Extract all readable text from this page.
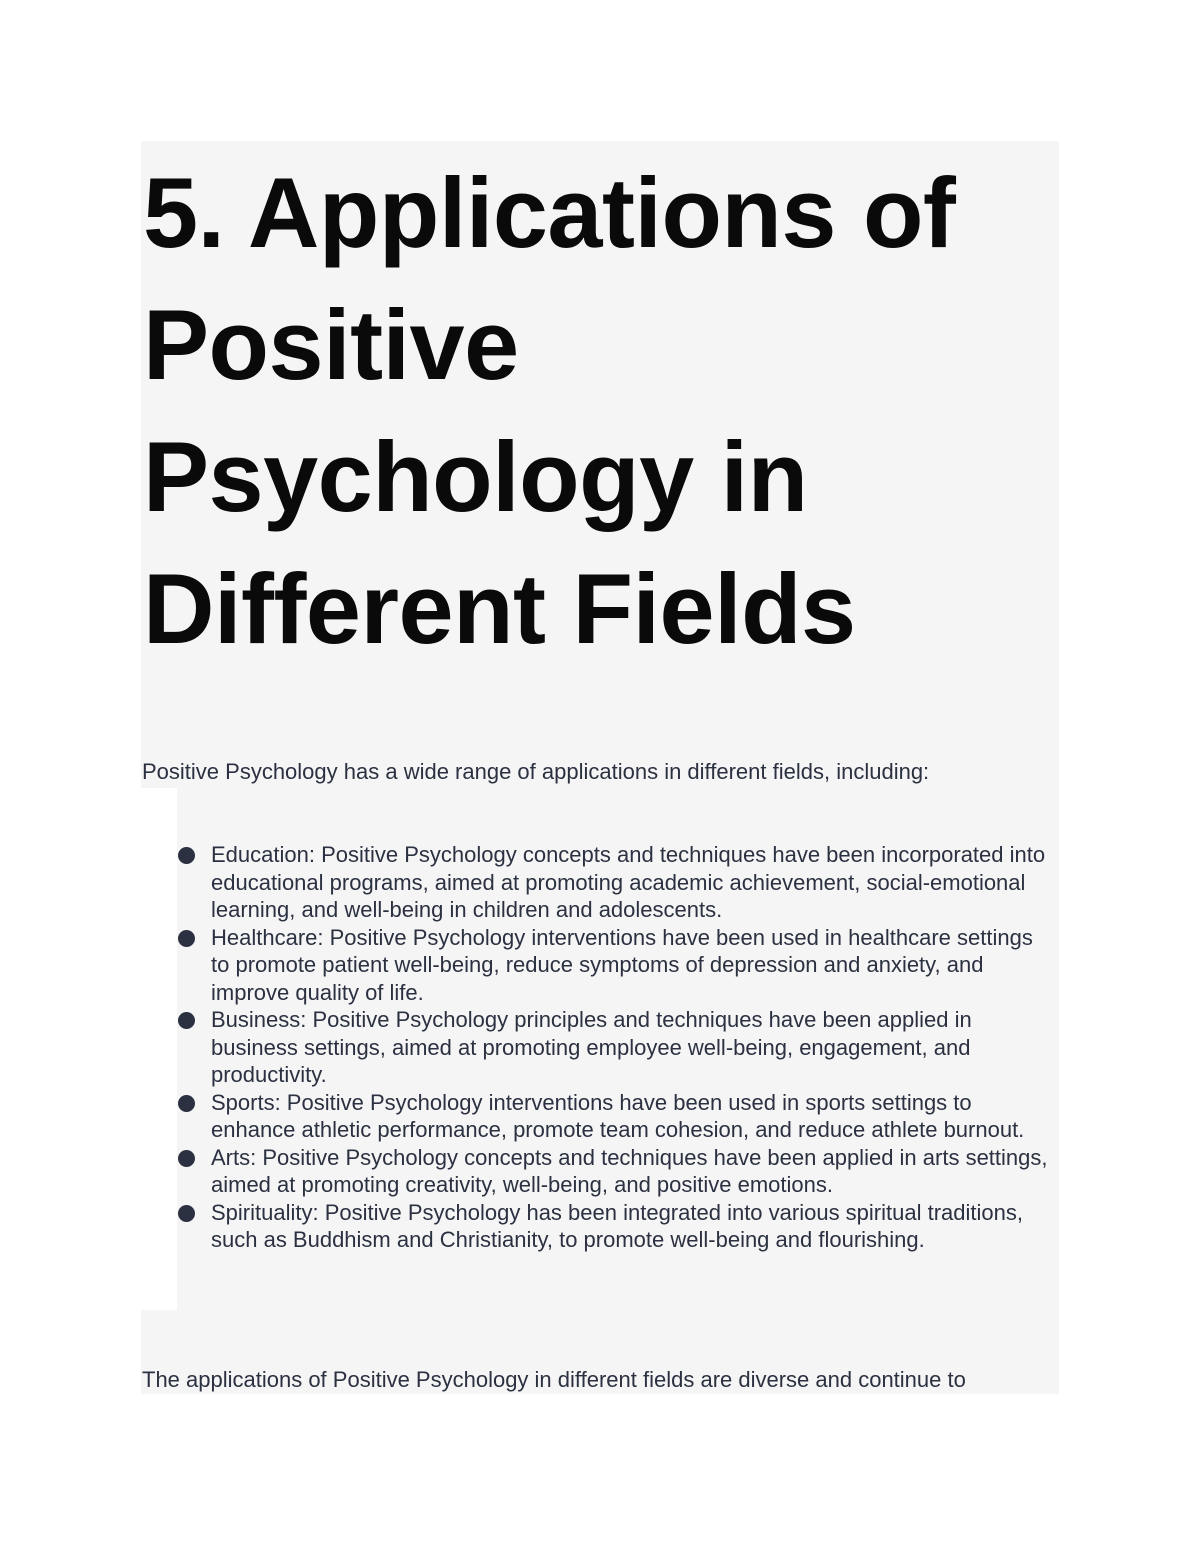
5. Applications of Positive Psychology in Different Fields

Positive Psychology has a wide range of applications in different fields, including:

Education: Positive Psychology concepts and techniques have been incorporated into educational programs, aimed at promoting academic achievement, social-emotional learning, and well-being in children and adolescents.
Healthcare: Positive Psychology interventions have been used in healthcare settings to promote patient well-being, reduce symptoms of depression and anxiety, and improve quality of life.
Business: Positive Psychology principles and techniques have been applied in business settings, aimed at promoting employee well-being, engagement, and productivity.
Sports: Positive Psychology interventions have been used in sports settings to enhance athletic performance, promote team cohesion, and reduce athlete burnout.
Arts: Positive Psychology concepts and techniques have been applied in arts settings, aimed at promoting creativity, well-being, and positive emotions.
Spirituality: Positive Psychology has been integrated into various spiritual traditions, such as Buddhism and Christianity, to promote well-being and flourishing.

The applications of Positive Psychology in different fields are diverse and continue to
